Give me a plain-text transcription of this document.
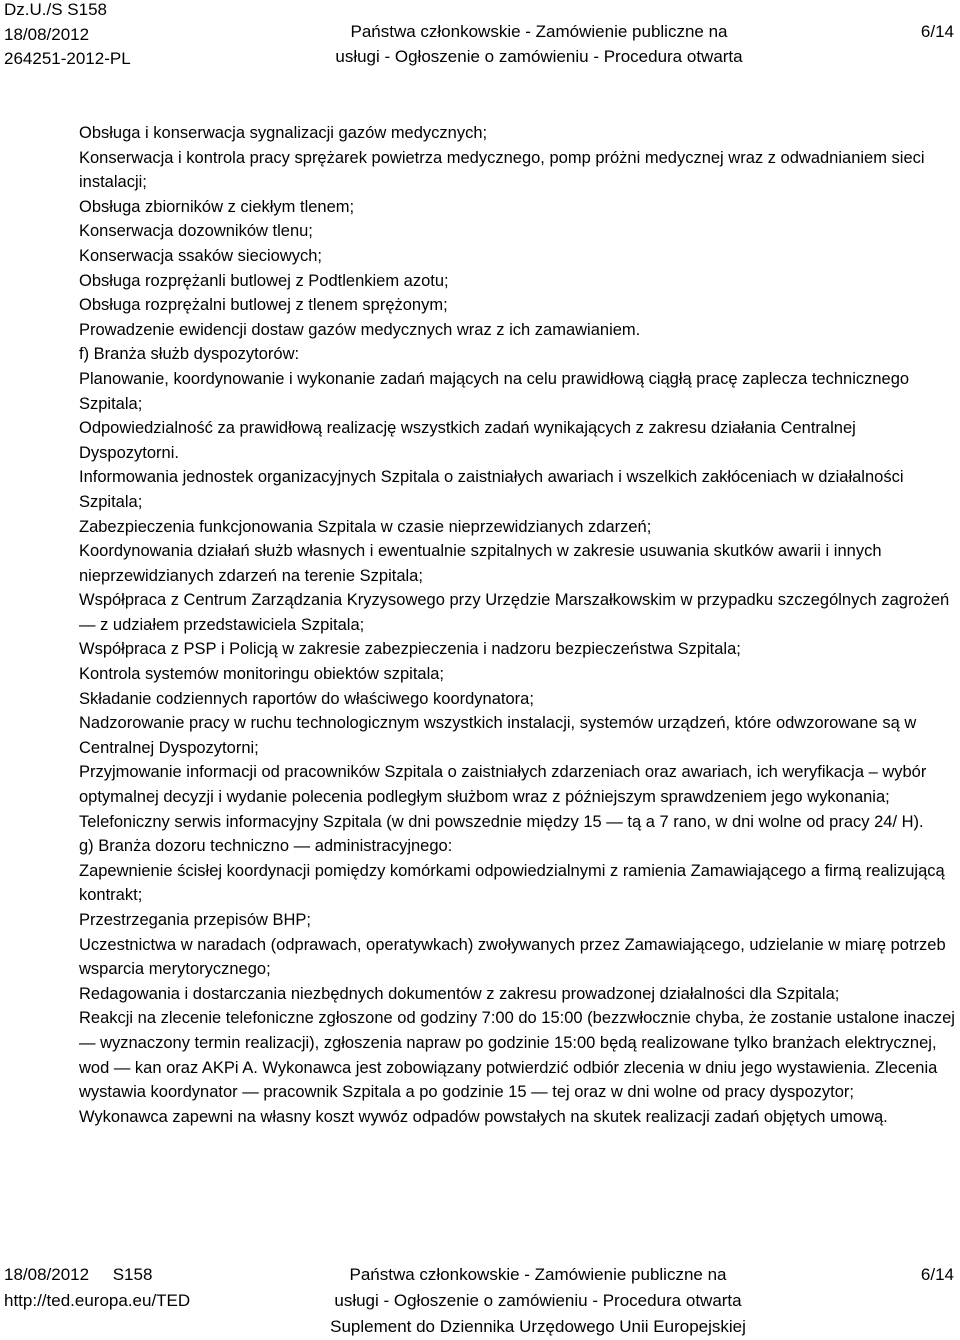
Dz.U./S S158
18/08/2012
264251-2012-PL
Państwa członkowskie - Zamówienie publiczne na
usługi - Ogłoszenie o zamówieniu - Procedura otwarta
6/14

Obsługa i konserwacja sygnalizacji gazów medycznych;

Konserwacja i kontrola pracy sprężarek powietrza medycznego, pomp próżni medycznej wraz z odwadnianiem sieci instalacji;

Obsługa zbiorników z ciekłym tlenem;

Konserwacja dozowników tlenu;

Konserwacja ssaków sieciowych;

Obsługa rozprężanli butlowej z Podtlenkiem azotu;

Obsługa rozprężalni butlowej z tlenem sprężonym;

Prowadzenie ewidencji dostaw gazów medycznych wraz z ich zamawianiem.

f) Branża służb dyspozytorów:

Planowanie, koordynowanie i wykonanie zadań mających na celu prawidłową ciągłą pracę zaplecza technicznego Szpitala;

Odpowiedzialność za prawidłową realizację wszystkich zadań wynikających z zakresu działania Centralnej Dyspozytorni.

Informowania jednostek organizacyjnych Szpitala o zaistniałych awariach i wszelkich zakłóceniach w działalności Szpitala;

Zabezpieczenia funkcjonowania Szpitala w czasie nieprzewidzianych zdarzeń;

Koordynowania działań służb własnych i ewentualnie szpitalnych w zakresie usuwania skutków awarii i innych nieprzewidzianych zdarzeń na terenie Szpitala;

Współpraca z Centrum Zarządzania Kryzysowego przy Urzędzie Marszałkowskim w przypadku szczególnych zagrożeń — z udziałem przedstawiciela Szpitala;

Współpraca z PSP i Policją w zakresie zabezpieczenia i nadzoru bezpieczeństwa Szpitala;

Kontrola systemów monitoringu obiektów szpitala;

Składanie codziennych raportów do właściwego koordynatora;

Nadzorowanie pracy w ruchu technologicznym wszystkich instalacji, systemów urządzeń, które odwzorowane są w Centralnej Dyspozytorni;

Przyjmowanie informacji od pracowników Szpitala o zaistniałych zdarzeniach oraz awariach, ich weryfikacja – wybór optymalnej decyzji i wydanie polecenia podległym służbom wraz z późniejszym sprawdzeniem jego wykonania;

Telefoniczny serwis informacyjny Szpitala (w dni powszednie między 15 — tą a 7 rano, w dni wolne od pracy 24/ H).

g) Branża dozoru techniczno — administracyjnego:

Zapewnienie ścisłej koordynacji pomiędzy komórkami odpowiedzialnymi z ramienia Zamawiającego a firmą realizującą kontrakt;

Przestrzegania przepisów BHP;

Uczestnictwa w naradach (odprawach, operatywkach) zwoływanych przez Zamawiającego, udzielanie w miarę potrzeb wsparcia merytorycznego;

Redagowania i dostarczania niezbędnych dokumentów z zakresu prowadzonej działalności dla Szpitala;

Reakcji na zlecenie telefoniczne zgłoszone od godziny 7:00 do 15:00 (bezzwłocznie chyba, że zostanie ustalone inaczej — wyznaczony termin realizacji), zgłoszenia napraw po godzinie 15:00 będą realizowane tylko branżach elektrycznej, wod — kan oraz AKPi A. Wykonawca jest zobowiązany potwierdzić odbiór zlecenia w dniu jego wystawienia. Zlecenia wystawia koordynator — pracownik Szpitala a po godzinie 15 — tej oraz w dni wolne od pracy dyspozytor;

Wykonawca zapewni na własny koszt wywóz odpadów powstałych na skutek realizacji zadań objętych umową.

18/08/2012 S158
http://ted.europa.eu/TED
Państwa członkowskie - Zamówienie publiczne na
usługi - Ogłoszenie o zamówieniu - Procedura otwarta
Suplement do Dziennika Urzędowego Unii Europejskiej
6/14
